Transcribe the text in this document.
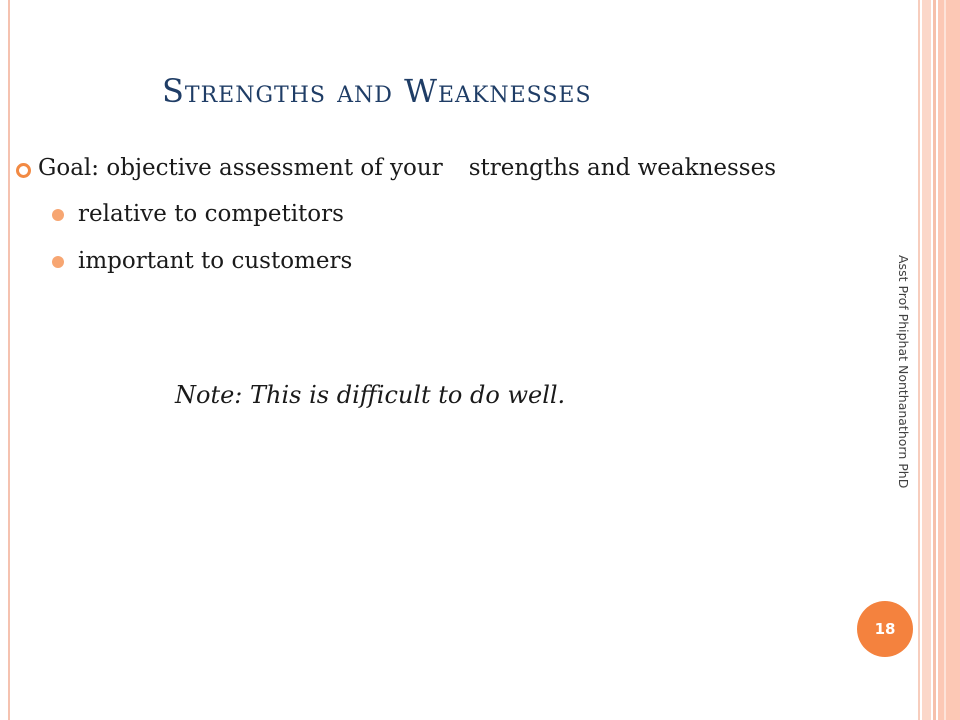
Strengths and Weaknesses
Goal: objective assessment of your strengths and weaknesses
relative to competitors
important to customers
Note: This is difficult to do well.	Asst Prof Phiphat Nonthanathorn PhD
18
